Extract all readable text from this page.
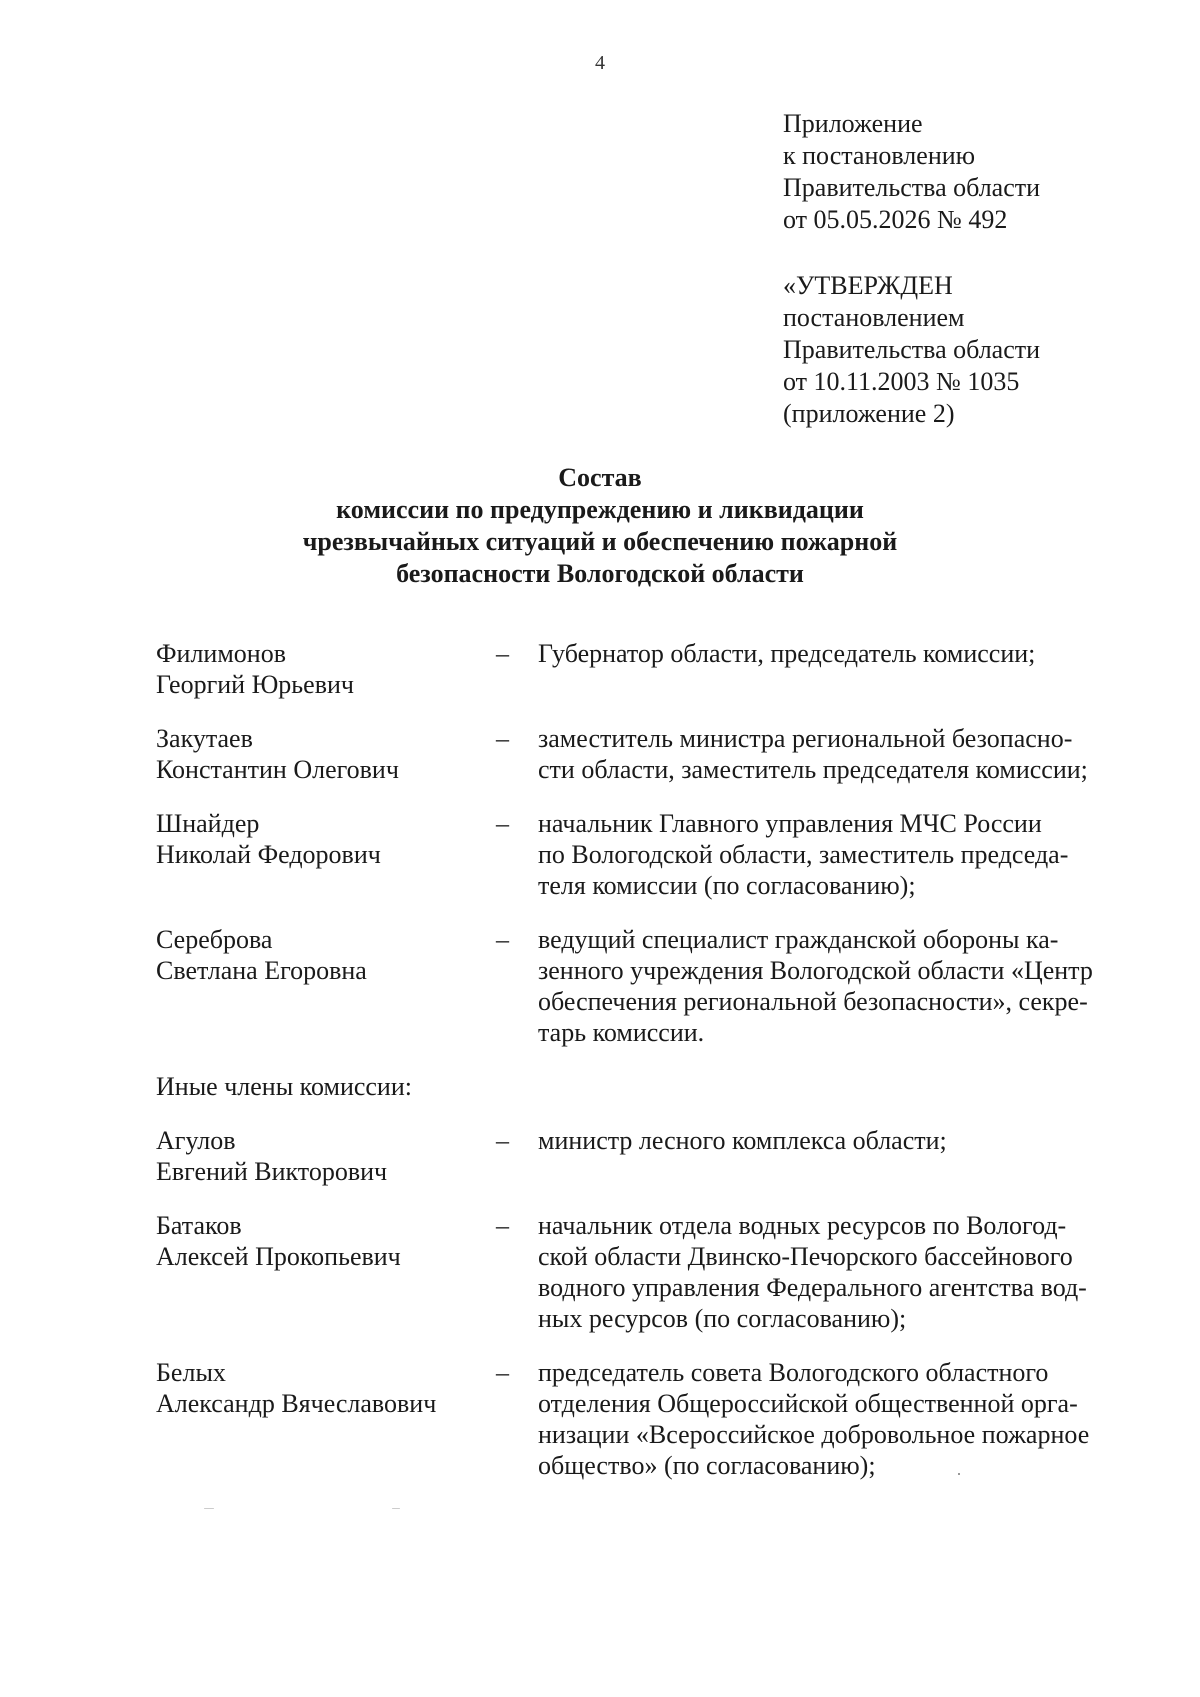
4
Приложение
к постановлению
Правительства области
от 05.05.2026 № 492
«УТВЕРЖДЕН
постановлением
Правительства области
от 10.11.2003 № 1035
(приложение 2)
Состав
комиссии по предупреждению и ликвидации
чрезвычайных ситуаций и обеспечению пожарной
безопасности Вологодской области
Филимонов
Георгий Юрьевич
–	Губернатор области, председатель комиссии;
Закутаев
Константин Олегович
–	заместитель министра региональной безопасно-
сти области, заместитель председателя комиссии;
Шнайдер
Николай Федорович
–	начальник Главного управления МЧС России
по Вологодской области, заместитель председа-
теля комиссии (по согласованию);
Сереброва
Светлана Егоровна
–	ведущий специалист гражданской обороны ка-
зенного учреждения Вологодской области «Центр
обеспечения региональной безопасности», секре-
тарь комиссии.
Иные члены комиссии:
Агулов
Евгений Викторович
–	министр лесного комплекса области;
Батаков
Алексей Прокопьевич
–	начальник отдела водных ресурсов по Вологод-
ской области Двинско-Печорского бассейнового
водного управления Федерального агентства вод-
ных ресурсов (по согласованию);
Белых
Александр Вячеславович
–	председатель совета Вологодского областного
отделения Общероссийской общественной орга-
низации «Всероссийское добровольное пожарное
общество» (по согласованию);
